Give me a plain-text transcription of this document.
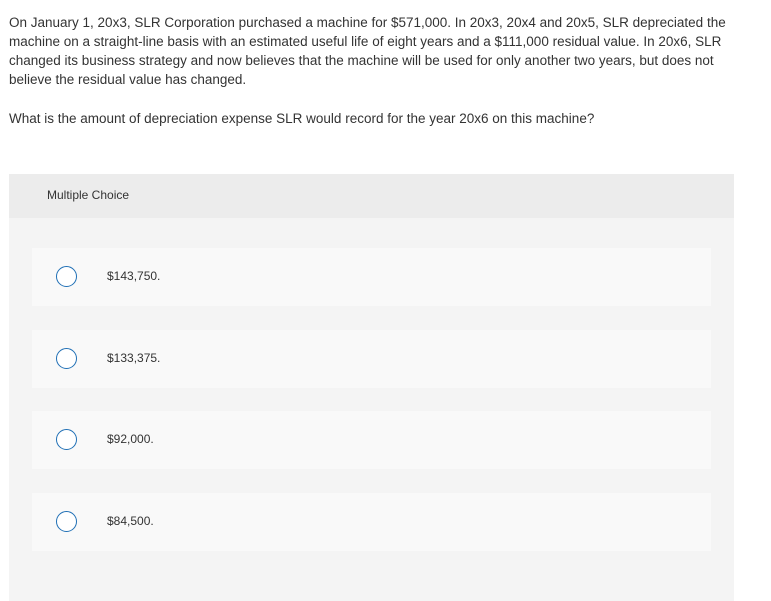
On January 1, 20x3, SLR Corporation purchased a machine for $571,000. In 20x3, 20x4 and 20x5, SLR depreciated the machine on a straight-line basis with an estimated useful life of eight years and a $111,000 residual value. In 20x6, SLR changed its business strategy and now believes that the machine will be used for only another two years, but does not believe the residual value has changed.
What is the amount of depreciation expense SLR would record for the year 20x6 on this machine?
Multiple Choice
$143,750.
$133,375.
$92,000.
$84,500.
